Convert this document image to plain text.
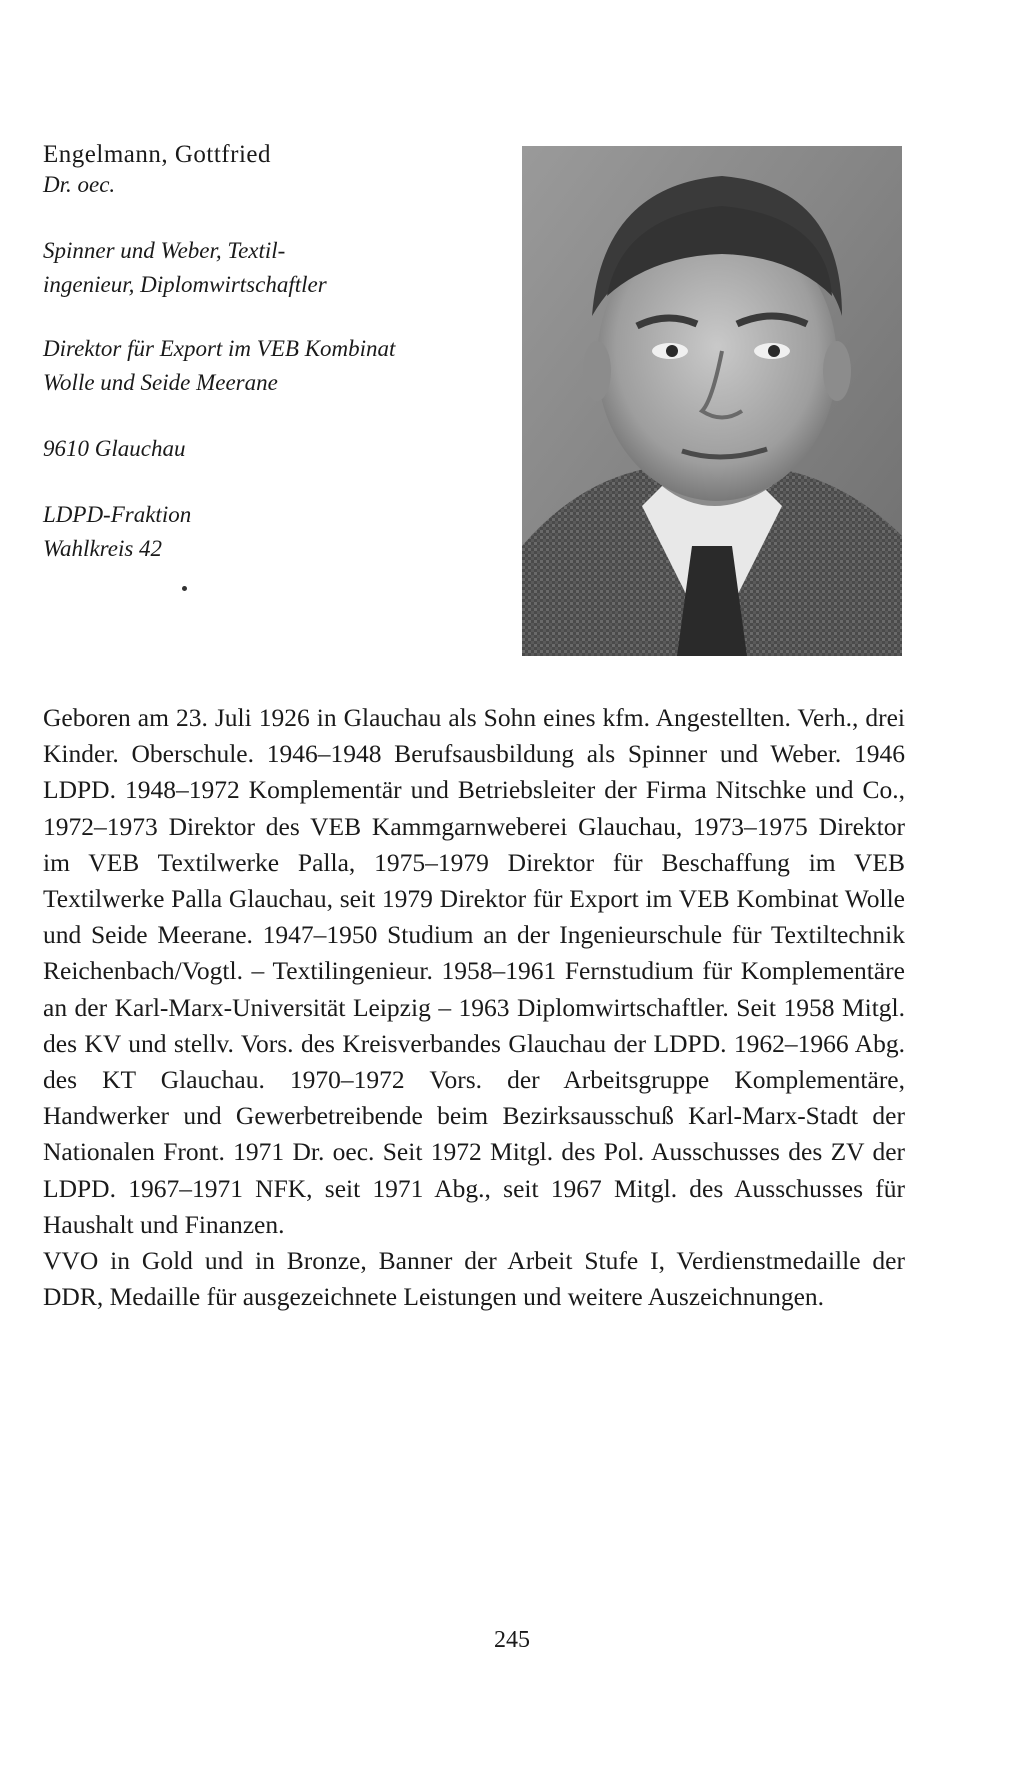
Engelmann, Gottfried

Dr. oec.

Spinner und Weber, Textil-
ingenieur, Diplomwirtschaftler

Direktor für Export im VEB Kombinat
Wolle und Seide Meerane

9610 Glauchau

LDPD-Fraktion
Wahlkreis 42

Geboren am 23. Juli 1926 in Glauchau als Sohn eines kfm. Angestellten. Verh., drei Kinder. Oberschule. 1946–1948 Berufsausbildung als Spinner und Weber. 1946 LDPD. 1948–1972 Komplementär und Betriebsleiter der Firma Nitschke und Co., 1972–1973 Direktor des VEB Kammgarnweberei Glauchau, 1973–1975 Direktor im VEB Textilwerke Palla, 1975–1979 Direktor für Beschaffung im VEB Textilwerke Palla Glauchau, seit 1979 Direktor für Export im VEB Kombinat Wolle und Seide Meerane. 1947–1950 Studium an der Ingenieurschule für Textiltechnik Reichenbach/Vogtl. – Textilingenieur. 1958–1961 Fernstudium für Komplementäre an der Karl-Marx-Universität Leipzig – 1963 Diplomwirtschaftler. Seit 1958 Mitgl. des KV und stellv. Vors. des Kreisverbandes Glauchau der LDPD. 1962–1966 Abg. des KT Glauchau. 1970–1972 Vors. der Arbeitsgruppe Komplementäre, Handwerker und Gewerbetreibende beim Bezirksausschuß Karl-Marx-Stadt der Nationalen Front. 1971 Dr. oec. Seit 1972 Mitgl. des Pol. Ausschusses des ZV der LDPD. 1967–1971 NFK, seit 1971 Abg., seit 1967 Mitgl. des Ausschusses für Haushalt und Finanzen.

VVO in Gold und in Bronze, Banner der Arbeit Stufe I, Verdienstmedaille der DDR, Medaille für ausgezeichnete Leistungen und weitere Auszeichnungen.

245
